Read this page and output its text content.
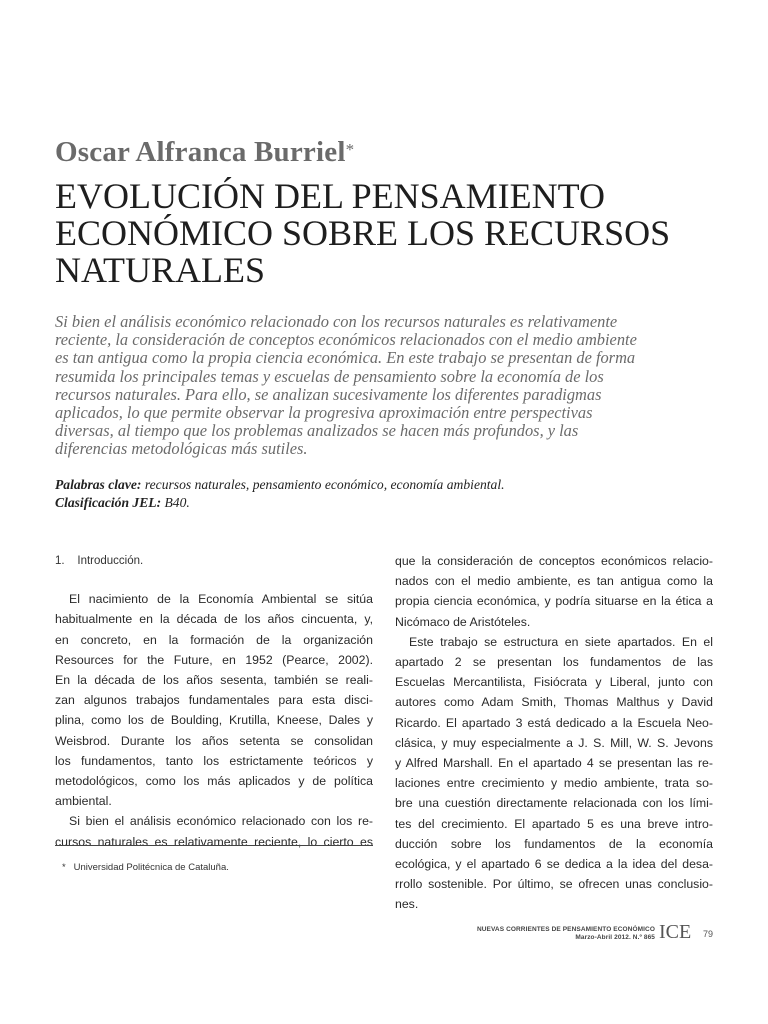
Oscar Alfranca Burriel*
EVOLUCIÓN DEL PENSAMIENTO
ECONÓMICO SOBRE LOS RECURSOS
NATURALES
Si bien el análisis económico relacionado con los recursos naturales es relativamente
reciente, la consideración de conceptos económicos relacionados con el medio ambiente
es tan antigua como la propia ciencia económica. En este trabajo se presentan de forma
resumida los principales temas y escuelas de pensamiento sobre la economía de los
recursos naturales. Para ello, se analizan sucesivamente los diferentes paradigmas
aplicados, lo que permite observar la progresiva aproximación entre perspectivas
diversas, al tiempo que los problemas analizados se hacen más profundos, y las
diferencias metodológicas más sutiles.
Palabras clave: recursos naturales, pensamiento económico, economía ambiental.
Clasificación JEL: B40.
1.    Introducción.
El nacimiento de la Economía Ambiental se sitúa
habitualmente en la década de los años cincuenta, y,
en concreto, en la formación de la organización
Resources for the Future, en 1952 (Pearce, 2002).
En la década de los años sesenta, también se reali-
zan algunos trabajos fundamentales para esta disci-
plina, como los de Boulding, Krutilla, Kneese, Dales y
Weisbrod. Durante los años setenta se consolidan
los fundamentos, tanto los estrictamente teóricos y
metodológicos, como los más aplicados y de política
ambiental.
Si bien el análisis económico relacionado con los re-
cursos naturales es relativamente reciente, lo cierto es
que la consideración de conceptos económicos relacio-
nados con el medio ambiente, es tan antigua como la
propia ciencia económica, y podría situarse en la ética a
Nicómaco de Aristóteles.
Este trabajo se estructura en siete apartados. En el
apartado 2 se presentan los fundamentos de las
Escuelas Mercantilista, Fisiócrata y Liberal, junto con
autores como Adam Smith, Thomas Malthus y David
Ricardo. El apartado 3 está dedicado a la Escuela Neo-
clásica, y muy especialmente a J. S. Mill, W. S. Jevons
y Alfred Marshall. En el apartado 4 se presentan las re-
laciones entre crecimiento y medio ambiente, trata so-
bre una cuestión directamente relacionada con los lími-
tes del crecimiento. El apartado 5 es una breve intro-
ducción sobre los fundamentos de la economía
ecológica, y el apartado 6 se dedica a la idea del desa-
rrollo sostenible. Por último, se ofrecen unas conclusio-
nes.
*   Universidad Politécnica de Cataluña.
NUEVAS CORRIENTES DE PENSAMIENTO ECONÓMICO
Marzo-Abril 2012. N.º 865 ICE 79
